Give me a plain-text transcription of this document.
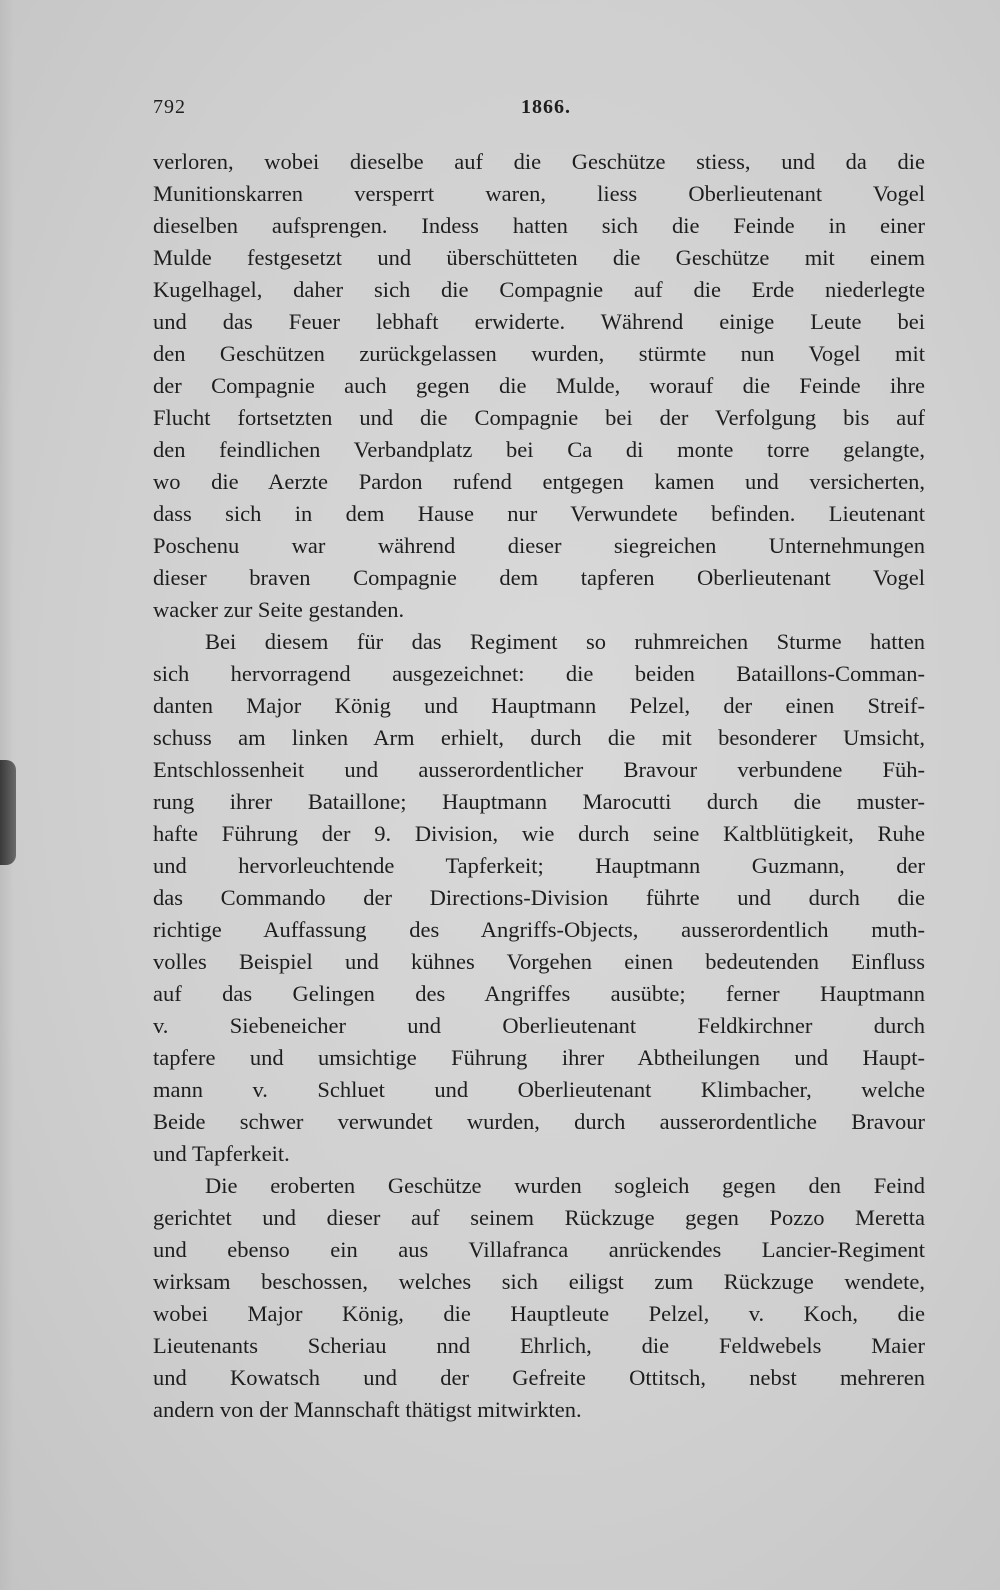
792	1866.
verloren, wobei dieselbe auf die Geschütze stiess, und da die
Munitionskarren versperrt waren, liess Oberlieutenant Vogel
dieselben aufsprengen. Indess hatten sich die Feinde in einer
Mulde festgesetzt und überschütteten die Geschütze mit einem
Kugelhagel, daher sich die Compagnie auf die Erde niederlegte
und das Feuer lebhaft erwiderte. Während einige Leute bei
den Geschützen zurückgelassen wurden, stürmte nun Vogel mit
der Compagnie auch gegen die Mulde, worauf die Feinde ihre
Flucht fortsetzten und die Compagnie bei der Verfolgung bis auf
den feindlichen Verbandplatz bei Ca di monte torre gelangte,
wo die Aerzte Pardon rufend entgegen kamen und versicherten,
dass sich in dem Hause nur Verwundete befinden. Lieutenant
Poschenu war während dieser siegreichen Unternehmungen
dieser braven Compagnie dem tapferen Oberlieutenant Vogel
wacker zur Seite gestanden.
Bei diesem für das Regiment so ruhmreichen Sturme hatten
sich hervorragend ausgezeichnet: die beiden Bataillons-Comman-
danten Major König und Hauptmann Pelzel, der einen Streif-
schuss am linken Arm erhielt, durch die mit besonderer Umsicht,
Entschlossenheit und ausserordentlicher Bravour verbundene Füh-
rung ihrer Bataillone; Hauptmann Marocutti durch die muster-
hafte Führung der 9. Division, wie durch seine Kaltblütigkeit, Ruhe
und hervorleuchtende Tapferkeit; Hauptmann Guzmann, der
das Commando der Directions-Division führte und durch die
richtige Auffassung des Angriffs-Objects, ausserordentlich muth-
volles Beispiel und kühnes Vorgehen einen bedeutenden Einfluss
auf das Gelingen des Angriffes ausübte; ferner Hauptmann
v. Siebeneicher und Oberlieutenant Feldkirchner durch
tapfere und umsichtige Führung ihrer Abtheilungen und Haupt-
mann v. Schluet und Oberlieutenant Klimbacher, welche
Beide schwer verwundet wurden, durch ausserordentliche Bravour
und Tapferkeit.
Die eroberten Geschütze wurden sogleich gegen den Feind
gerichtet und dieser auf seinem Rückzuge gegen Pozzo Meretta
und ebenso ein aus Villafranca anrückendes Lancier-Regiment
wirksam beschossen, welches sich eiligst zum Rückzuge wendete,
wobei Major König, die Hauptleute Pelzel, v. Koch, die
Lieutenants Scheriau nnd Ehrlich, die Feldwebels Maier
und Kowatsch und der Gefreite Ottitsch, nebst mehreren
andern von der Mannschaft thätigst mitwirkten.
